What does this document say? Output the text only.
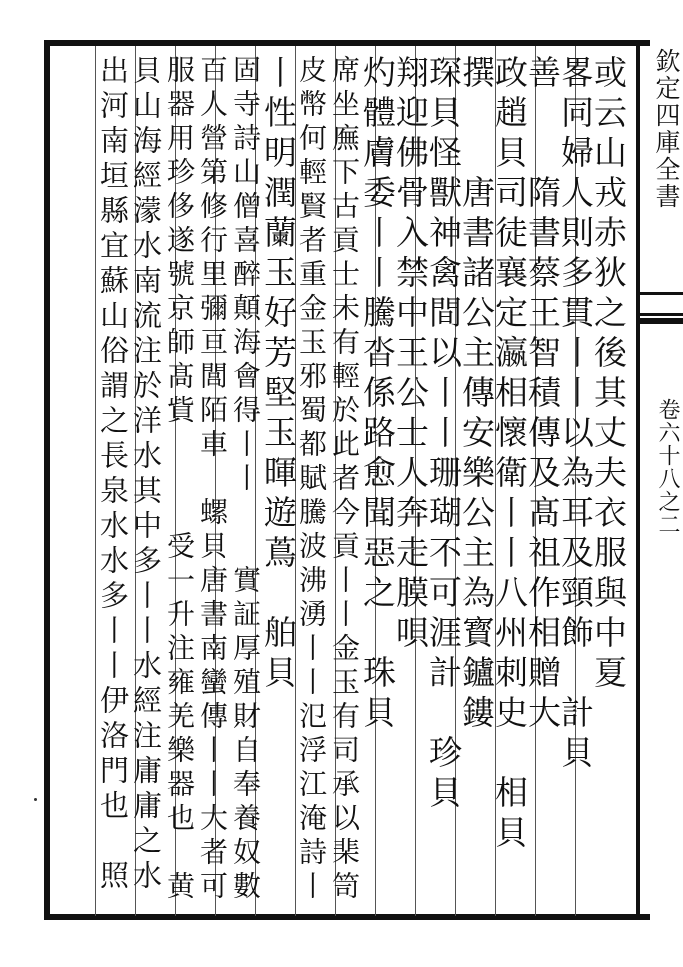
欽定四庫全書
卷六十八之二
或云山戎赤狄之後其丈夫衣服與中夏
畧同婦人則多貫丨丨以為耳及頸飾　計貝
善　　隋書蔡王智積傳及髙祖作相贈大
政趙貝司徒襄定瀛相懷衛丨丨八州刺史　相貝
撰　　唐書諸公主傳安樂公主為寳鑪鏤
琛貝怪獸神禽間以丨丨珊瑚不可涯計　珍貝
翔迎佛骨入禁中王公士人奔走膜唄
灼體膚委丨丨騰沓係路愈聞惡之　珠貝
席坐廡下古貢士未有輕於此者今貢丨丨金玉有司承以棐笥
皮幣何輕賢者重金玉邪蜀都賦騰波沸湧丨丨氾浮江淹詩丨
丨性明潤蘭玉好芳堅玉暉遊蔦　舶貝
固寺詩山僧喜醉顛海會得丨丨　　實証厚殖財自奉養奴數
百人營第修行里彌亘閭陌車　螺貝唐書南蠻傳丨丨大者可
服器用珍侈遂號京師髙貲　　　受一升注雍羌樂器也　黄
貝山海經濛水南流注於洋水其中多丨丨水經注庸庸之水
出河南垣縣宜蘇山俗謂之長泉水水多丨丨伊洛門也　照
